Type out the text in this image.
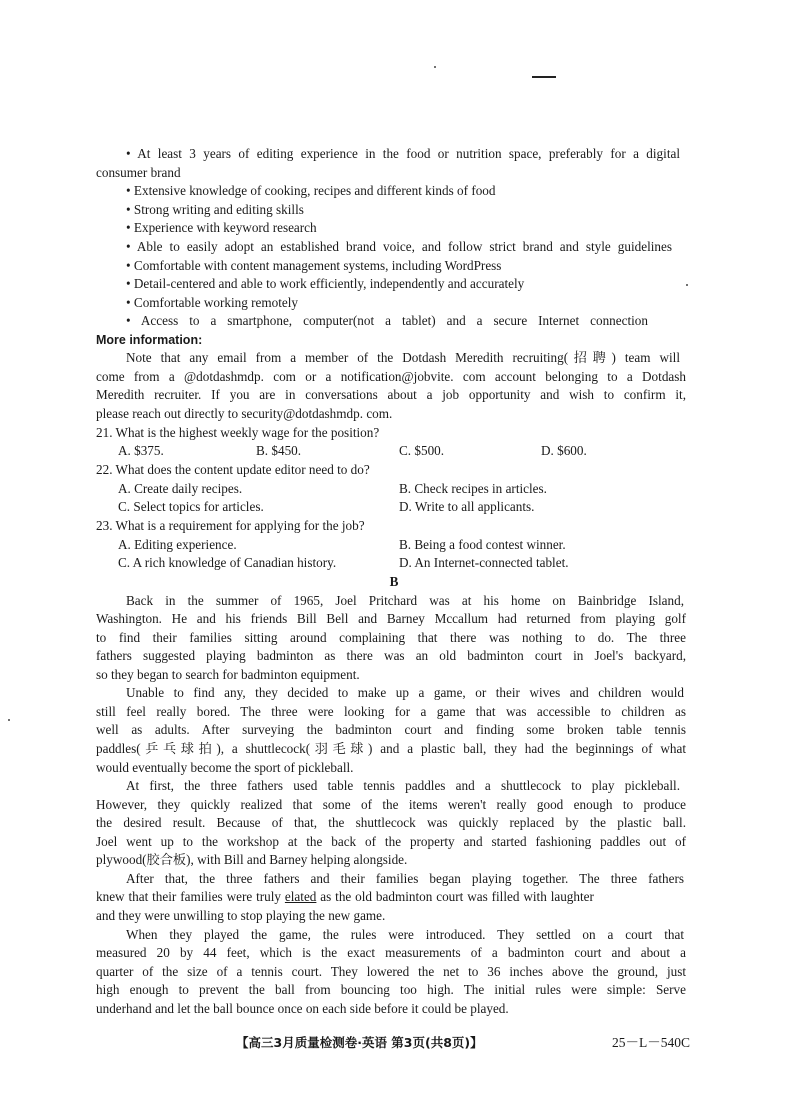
• At least 3 years of editing experience in the food or nutrition space, preferably for a digital
consumer brand
• Extensive knowledge of cooking, recipes and different kinds of food
• Strong writing and editing skills
• Experience with keyword research
• Able to easily adopt an established brand voice, and follow strict brand and style guidelines
• Comfortable with content management systems, including WordPress
• Detail-centered and able to work efficiently, independently and accurately
• Comfortable working remotely
• Access to a smartphone, computer(not a tablet) and a secure Internet connection
More information:
Note that any email from a member of the Dotdash Meredith recruiting(招聘) team will
come from a @dotdashmdp. com or a notification@jobvite. com account belonging to a Dotdash
Meredith recruiter. If you are in conversations about a job opportunity and wish to confirm it,
please reach out directly to security@dotdashmdp. com.
21. What is the highest weekly wage for the position?
A. $375.	B. $450.	C. $500.	D. $600.
22. What does the content update editor need to do?
A. Create daily recipes.	B. Check recipes in articles.
C. Select topics for articles.	D. Write to all applicants.
23. What is a requirement for applying for the job?
A. Editing experience.	B. Being a food contest winner.
C. A rich knowledge of Canadian history.	D. An Internet-connected tablet.
B
Back in the summer of 1965, Joel Pritchard was at his home on Bainbridge Island,
Washington. He and his friends Bill Bell and Barney Mccallum had returned from playing golf
to find their families sitting around complaining that there was nothing to do. The three
fathers suggested playing badminton as there was an old badminton court in Joel's backyard,
so they began to search for badminton equipment.
Unable to find any, they decided to make up a game, or their wives and children would
still feel really bored. The three were looking for a game that was accessible to children as
well as adults. After surveying the badminton court and finding some broken table tennis
paddles(乒乓球拍), a shuttlecock(羽毛球) and a plastic ball, they had the beginnings of what
would eventually become the sport of pickleball.
At first, the three fathers used table tennis paddles and a shuttlecock to play pickleball.
However, they quickly realized that some of the items weren't really good enough to produce
the desired result. Because of that, the shuttlecock was quickly replaced by the plastic ball.
Joel went up to the workshop at the back of the property and started fashioning paddles out of
plywood(胶合板), with Bill and Barney helping alongside.
After that, the three fathers and their families began playing together. The three fathers
knew that their families were truly elated as the old badminton court was filled with laughter
and they were unwilling to stop playing the new game.
When they played the game, the rules were introduced. They settled on a court that
measured 20 by 44 feet, which is the exact measurements of a badminton court and about a
quarter of the size of a tennis court. They lowered the net to 36 inches above the ground, just
high enough to prevent the ball from bouncing too high. The initial rules were simple: Serve
underhand and let the ball bounce once on each side before it could be played.
【高三3月质量检测卷·英语 第3页(共8页)】	25－L－540C
